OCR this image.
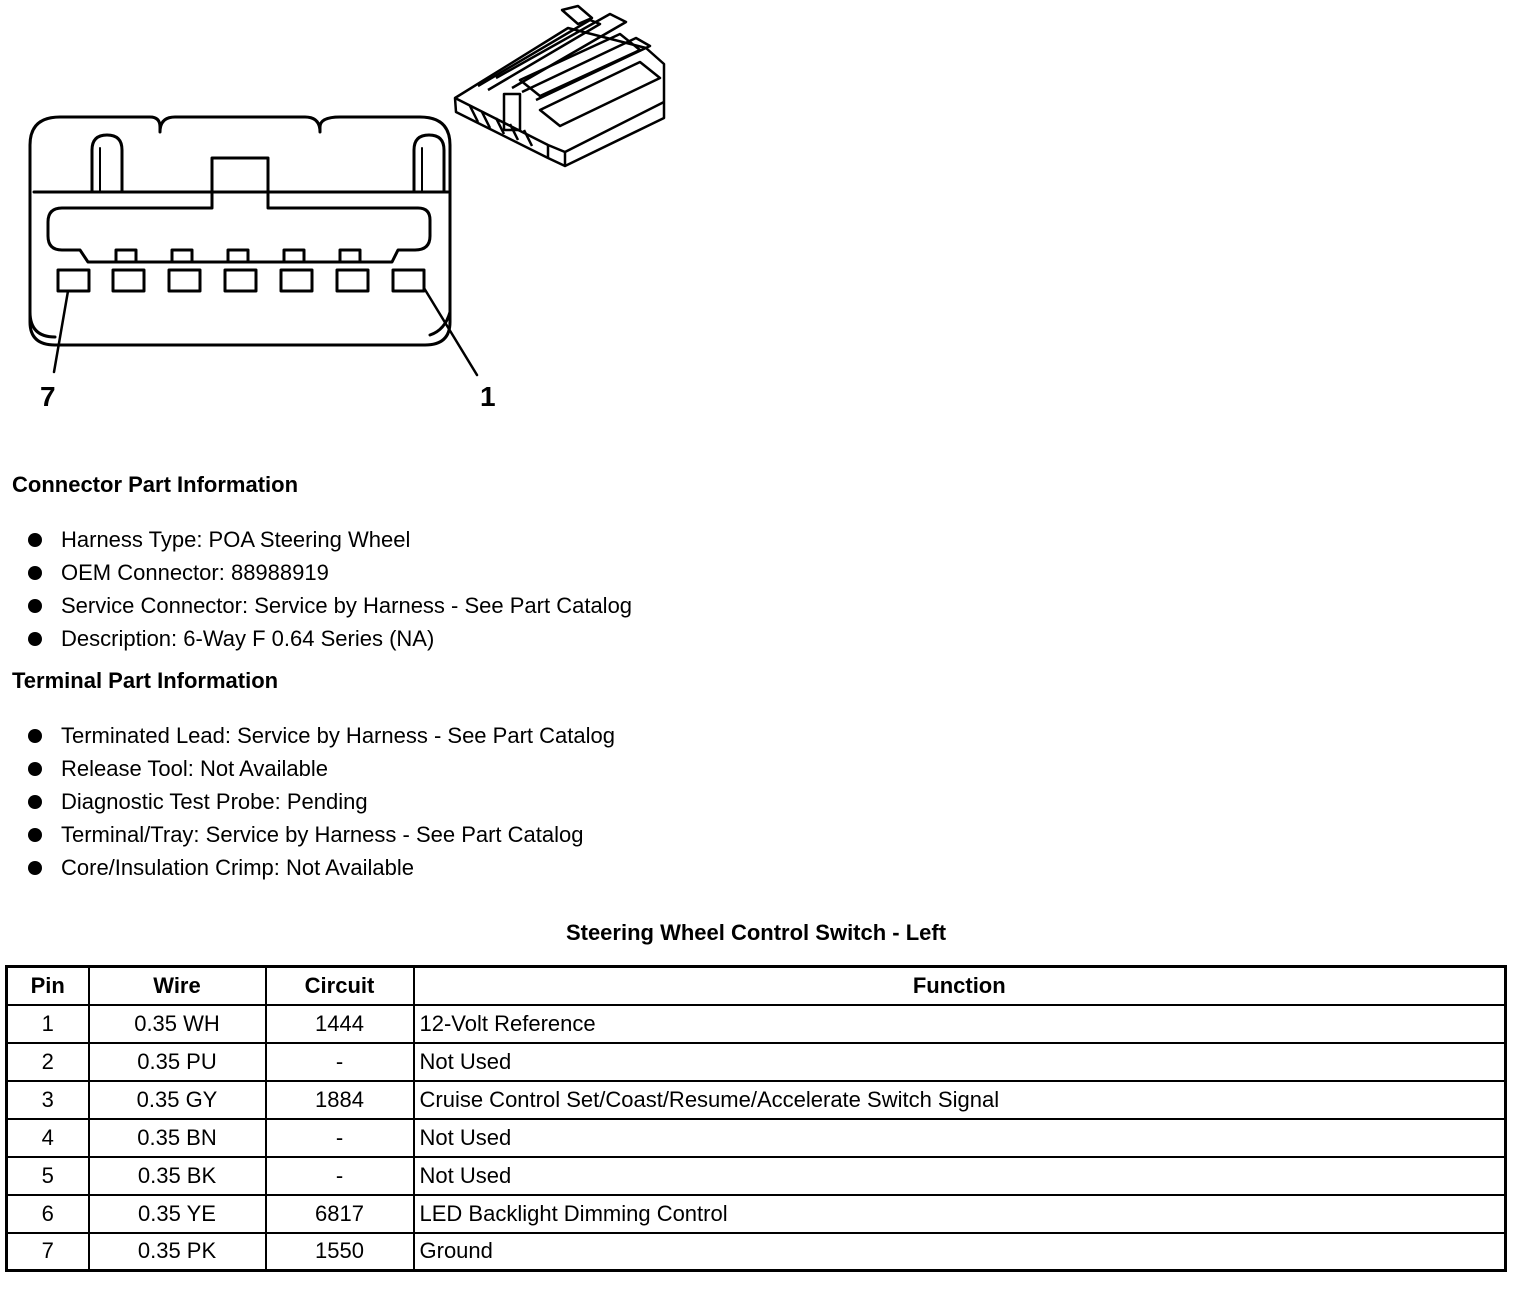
7	1
Connector Part Information
Harness Type: POA Steering Wheel
OEM Connector: 88988919
Service Connector: Service by Harness - See Part Catalog
Description: 6-Way F 0.64 Series (NA)
Terminal Part Information
Terminated Lead: Service by Harness - See Part Catalog
Release Tool: Not Available
Diagnostic Test Probe: Pending
Terminal/Tray: Service by Harness - See Part Catalog
Core/Insulation Crimp: Not Available
Steering Wheel Control Switch - Left
Pin	Wire	Circuit	Function
1	0.35 WH	1444	12-Volt Reference
2	0.35 PU	-	Not Used
3	0.35 GY	1884	Cruise Control Set/Coast/Resume/Accelerate Switch Signal
4	0.35 BN	-	Not Used
5	0.35 BK	-	Not Used
6	0.35 YE	6817	LED Backlight Dimming Control
7	0.35 PK	1550	Ground
